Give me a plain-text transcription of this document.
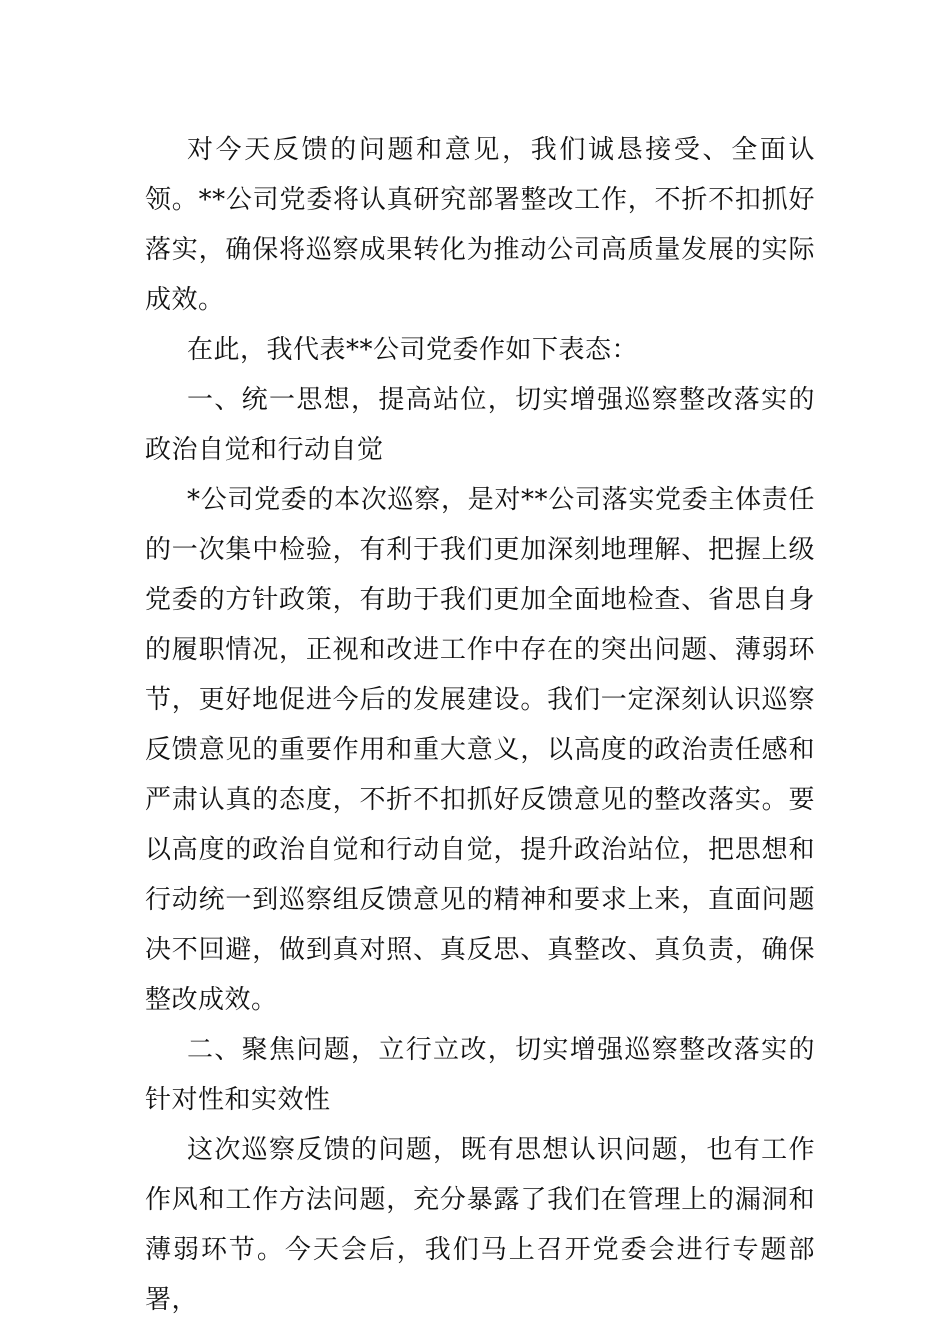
对今天反馈的问题和意见，我们诚恳接受、全面认领。**公司党委将认真研究部署整改工作，不折不扣抓好落实，确保将巡察成果转化为推动公司高质量发展的实际成效。

在此，我代表**公司党委作如下表态：

一、统一思想，提高站位，切实增强巡察整改落实的政治自觉和行动自觉

*公司党委的本次巡察，是对**公司落实党委主体责任的一次集中检验，有利于我们更加深刻地理解、把握上级党委的方针政策，有助于我们更加全面地检查、省思自身的履职情况，正视和改进工作中存在的突出问题、薄弱环节，更好地促进今后的发展建设。我们一定深刻认识巡察反馈意见的重要作用和重大意义，以高度的政治责任感和严肃认真的态度，不折不扣抓好反馈意见的整改落实。要以高度的政治自觉和行动自觉，提升政治站位，把思想和行动统一到巡察组反馈意见的精神和要求上来，直面问题决不回避，做到真对照、真反思、真整改、真负责，确保整改成效。

二、聚焦问题，立行立改，切实增强巡察整改落实的针对性和实效性

这次巡察反馈的问题，既有思想认识问题，也有工作作风和工作方法问题，充分暴露了我们在管理上的漏洞和薄弱环节。今天会后，我们马上召开党委会进行专题部署，
